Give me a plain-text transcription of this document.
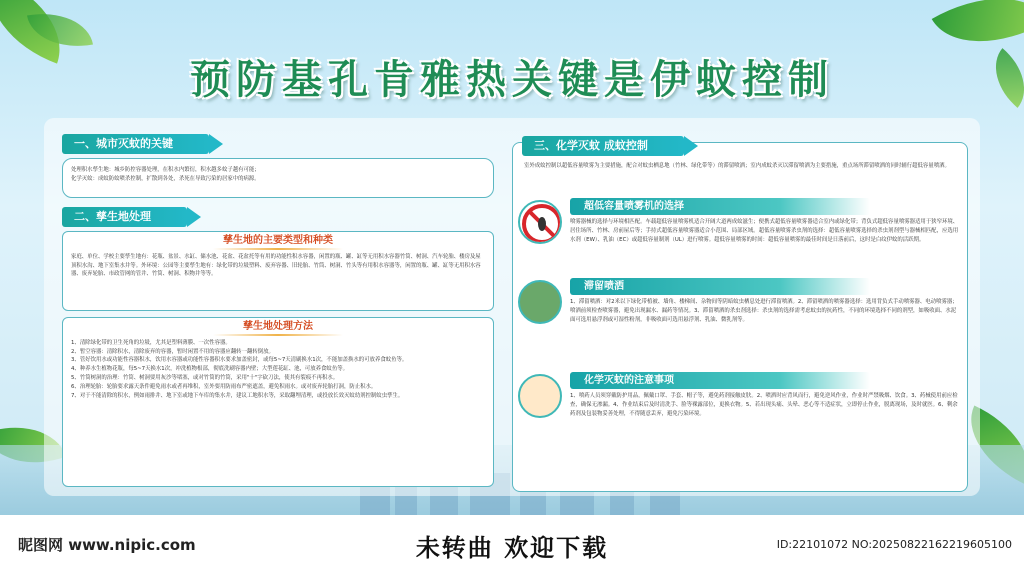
预防基孔肯雅热关键是伊蚊控制
一、城市灭蚊的关键
处理积水孳生地：城乡防控容器处理，在积水内繁衍，积水越多蚊子越有可能；
化学灭蚊：成蚊防蚊喷杀控制，扩散到各处，杀死在导致污染的居家中的病源。
二、孳生地处理
孳生地的主要类型和种类
家庭、单位、学校主要孳生地有：花瓶、盆景、水缸、储水池、花盆、花盆托等有用的功能性积水容器，闲置的瓶、罐、缸等无用积水容器竹筒、树洞、汽车轮胎、楼房及屋顶积水沟、地下室集水井等。外环境：公园等主要孳生地有：绿化带的垃圾塑料、废弃容器、旧轮胎、竹筒、树洞、竹头等有用积水容器等，闲置的瓶、罐、缸等无用积水容器、废弃轮胎、市政管网的管井、竹筒、树洞、积物井等等。
孳生地处理方法
1、清除绿化带的卫生死角的垃圾，尤其是塑料薄膜、一次性容器。
2、暂空容器：清除积水，清除废弃的容器，暂时闲置不用的容器应翻转一翻转倒放。
3、管好饮用水或功能性容器积水，饮用水容器或功能性容器积水要求加盖密封，或每5~7天清刷换水1次，不能加盖换水的可放养食蚊鱼等。
4、种养水生植物花瓶，每5~7天换水1次，冲洗植物根部，彻底洗刷容器内壁；大型莲花缸、池，可放养食蚊鱼等。
5、竹筒树洞的治理：竹筒、树洞要用灰沙等堵塞，或对竹筒的竹筒，采用"十"字砍刀法，使其有裂痕不再积水。
6、治理轮胎：轮胎要求露天条件避免雨水或者再堆积，室外要用防雨布严密遮盖，避免积雨水。或对废弃轮胎打洞，防止积水。
7、对于不能清除的积水，例如雨排井、地下室或地下车库的集水井，建议工地积水等，采取翻埋清理，或投放长效灭蚊幼剂控制蚊虫孳生。
三、化学灭蚊 成蚊控制
室外成蚊控制以超低容量喷雾为主要措施，配合对蚊虫栖息地（竹林、绿化带等）的滞留喷洒；室内成蚊杀灭以滞留喷洒为主要措施，重点场所滞留喷洒的同时辅行超低容量喷洒。
超低容量喷雾机的选择
喷雾器械的选择与环境相匹配。车载超低容量喷雾机适合开阔大道两成蚊滋生；便携式超低容量喷雾器适合室内或绿化带；背负式超低容量喷雾器适用于狭窄环境、居住场所、竹林、房前屋后等；手持式超低容量喷雾器适合小范围、局部区域。超低容量喷雾杀虫剂的选择：超低容量喷雾选择的杀虫剂剂型与器械相匹配，应选用水剂（EW）、乳油（EC）或超低容量制剂（UL）进行喷雾。超低容量喷雾的时间：超低容量喷雾的最佳时间是日落前后，这时是白纹伊蚊的活跃期。
滞留喷洒
1、滞留喷洒：对2米以下绿化带植被、墙角、楼梯间、杂物间等阴暗蚊虫栖息处进行滞留喷洒。2、滞留喷洒的喷雾器选择：选用背负式手动喷雾器、电动喷雾器；喷洒前须检查喷雾器，避免出现漏水、漏药等情况。3、滞留喷洒的杀虫剂选择：杀虫剂的选择需考虑蚊虫的抗药性，不同的环境选择不同的剂型，如吸收面、水泥面可选用悬浮剂或可湿性粉剂，非吸收面可选用悬浮剂、乳油、微乳剂等。
化学灭蚊的注意事项
1、喷药人员须穿戴防护用品，佩戴口罩、手套、帽子等，避免药剂接触皮肤。2、喷洒时应背风而行，避免逆风作业，作业时严禁吸烟、饮食。3、药械使用前应检查，确保无渗漏。4、作业结束后及时清洗手、脸等裸露部位，更换衣物。5、若出现头痛、头晕、恶心等不适症状，立即停止作业，脱离现场，及时就医。6、剩余药剂及包装物妥善处理，不得随意丢弃，避免污染环境。
昵图网 www.nipic.com	未转曲 欢迎下载	ID:22101072 NO:20250822162219605100
